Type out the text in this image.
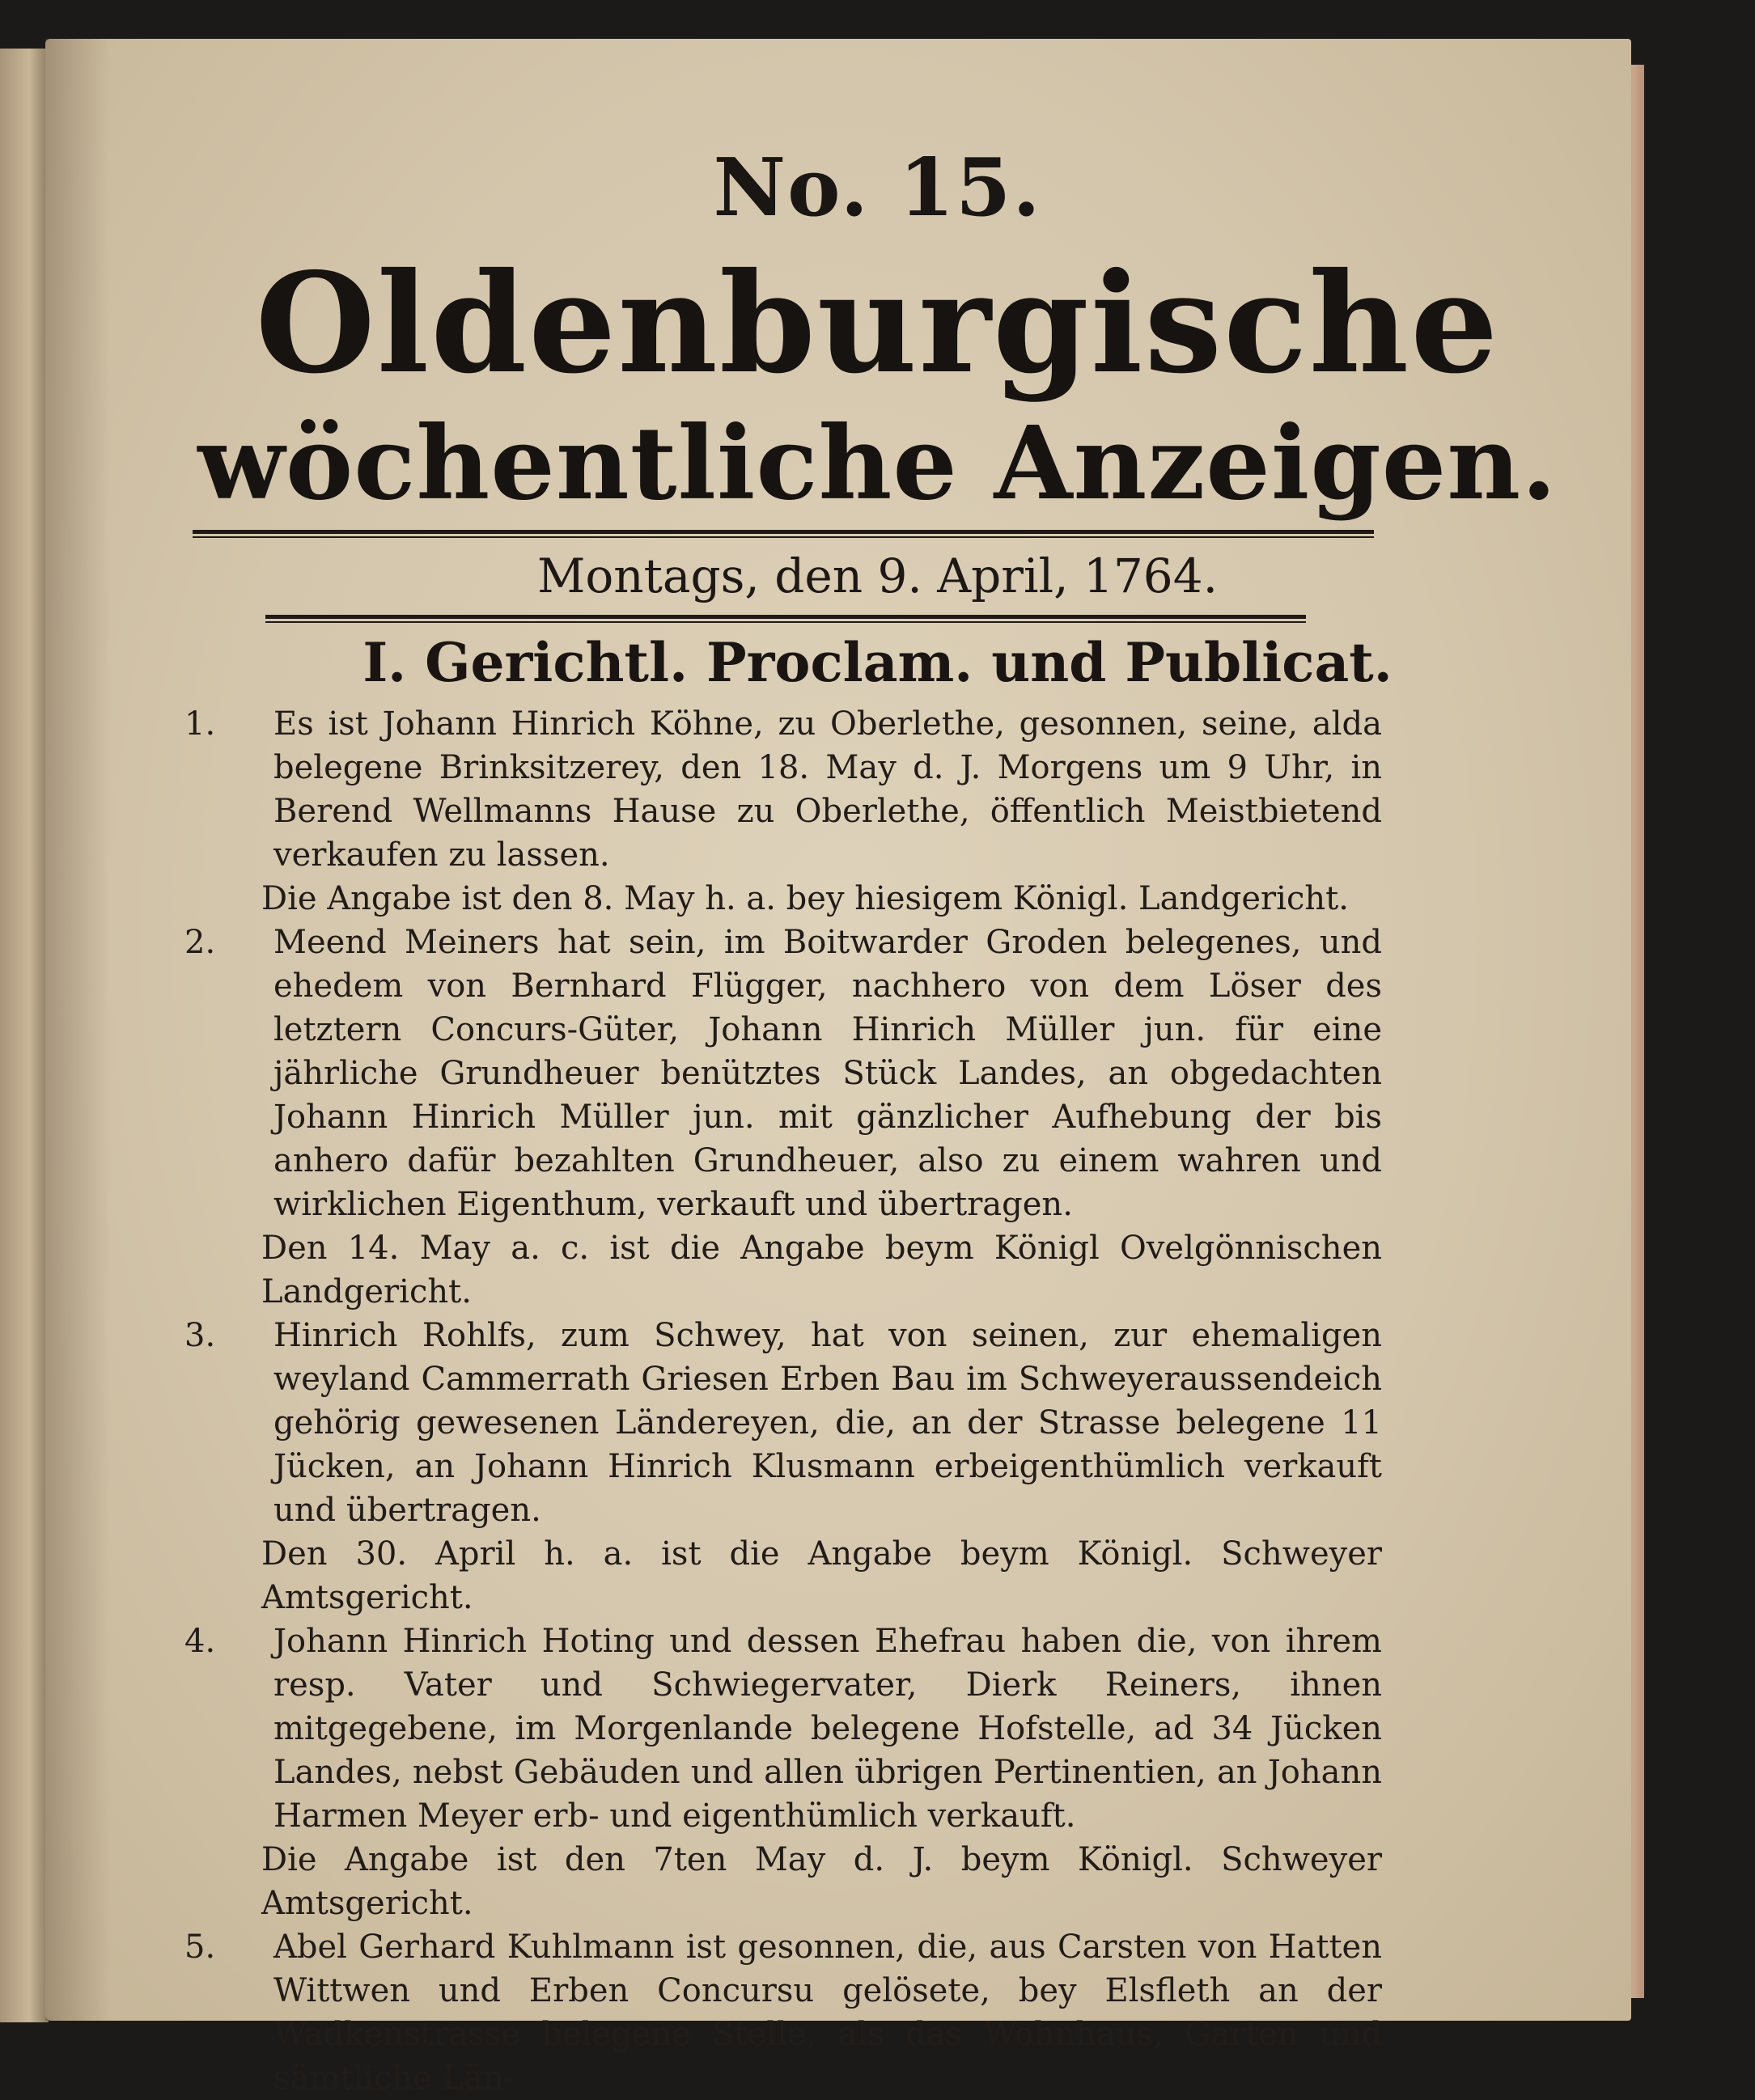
No. 15.
Oldenburgische
wöchentliche Anzeigen.
Montags, den 9. April, 1764.
I. Gerichtl. Proclam. und Publicat.
1.	Es ist Johann Hinrich Köhne, zu Oberlethe, gesonnen, seine, alda belegene Brinksitzerey, den 18. May d. J. Morgens um 9 Uhr, in Berend Wellmanns Hause zu Oberlethe, öffentlich Meistbietend verkaufen zu lassen.

Die Angabe ist den 8. May h. a. bey hiesigem Königl. Landgericht.

2.	Meend Meiners hat sein, im Boitwarder Groden belegenes, und ehedem von Bernhard Flügger, nachhero von dem Löser des letztern Concurs-Güter, Johann Hinrich Müller jun. für eine jährliche Grundheuer benütztes Stück Landes, an obgedachten Johann Hinrich Müller jun. mit gänzlicher Aufhebung der bis anhero dafür bezahlten Grundheuer, also zu einem wahren und wirklichen Eigenthum, verkauft und übertragen.

Den 14. May a. c. ist die Angabe beym Königl Ovelgönnischen Landgericht.

3.	Hinrich Rohlfs, zum Schwey, hat von seinen, zur ehemaligen weyland Cammerrath Griesen Erben Bau im Schweyeraussendeich gehörig gewesenen Ländereyen, die, an der Strasse belegene 11 Jücken, an Johann Hinrich Klusmann erbeigenthümlich verkauft und übertragen.

Den 30. April h. a. ist die Angabe beym Königl. Schweyer Amtsgericht.

4.	Johann Hinrich Hoting und dessen Ehefrau haben die, von ihrem resp. Vater und Schwiegervater, Dierk Reiners, ihnen mitgegebene, im Morgenlande belegene Hofstelle, ad 34 Jücken Landes, nebst Gebäuden und allen übrigen Pertinentien, an Johann Harmen Meyer erb- und eigenthümlich verkauft.

Die Angabe ist den 7ten May d. J. beym Königl. Schweyer Amtsgericht.

5.	Abel Gerhard Kuhlmann ist gesonnen, die, aus Carsten von Hatten Wittwen und Erben Concursu gelösete, bey Elsfleth an der Wadkenstrasse belegene Stelle, als das Wohnhaus, Garten und sämtliche Län-
